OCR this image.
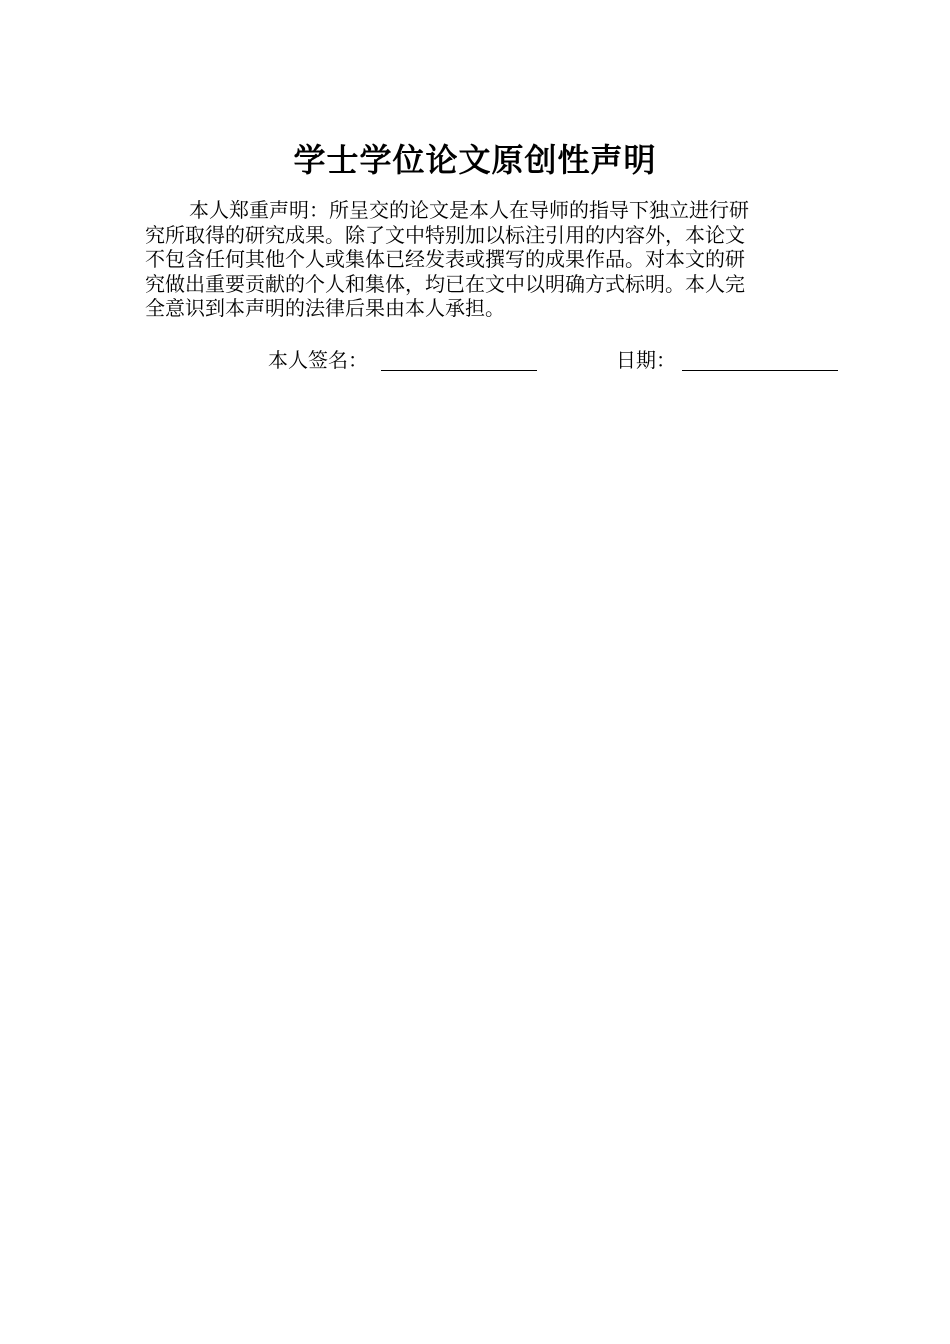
学士学位论文原创性声明
本人郑重声明：所呈交的论文是本人在导师的指导下独立进行研
究所取得的研究成果。除了文中特别加以标注引用的内容外，本论文
不包含任何其他个人或集体已经发表或撰写的成果作品。对本文的研
究做出重要贡献的个人和集体，均已在文中以明确方式标明。本人完
全意识到本声明的法律后果由本人承担。
本人签名：	日期：
